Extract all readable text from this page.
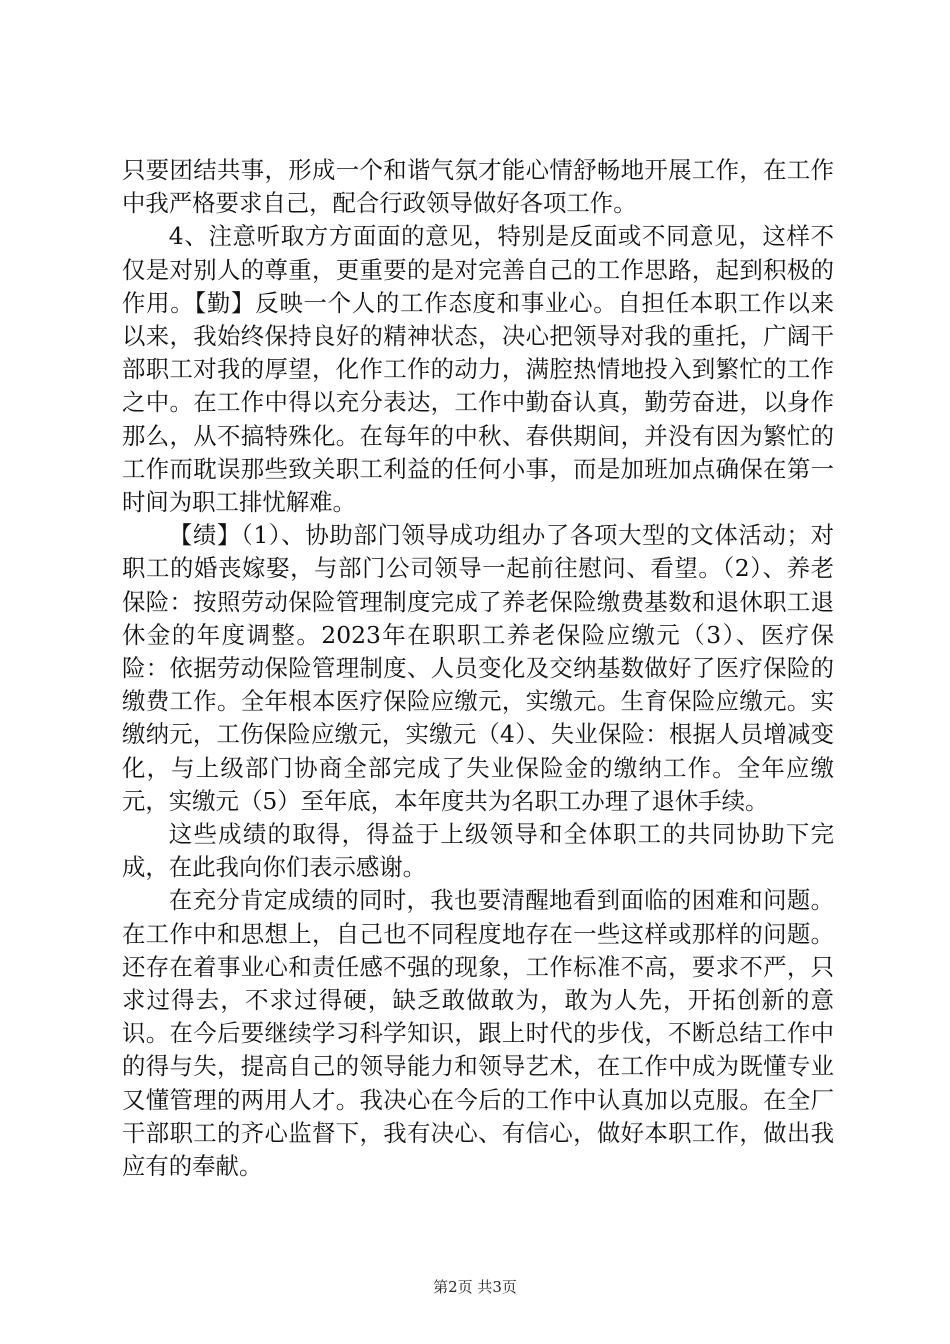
只要团结共事，形成一个和谐气氛才能心情舒畅地开展工作，在工作中我严格要求自己，配合行政领导做好各项工作。

4、注意听取方方面面的意见，特别是反面或不同意见，这样不仅是对别人的尊重，更重要的是对完善自己的工作思路，起到积极的作用。【勤】反映一个人的工作态度和事业心。自担任本职工作以来以来，我始终保持良好的精神状态，决心把领导对我的重托，广阔干部职工对我的厚望，化作工作的动力，满腔热情地投入到繁忙的工作之中。在工作中得以充分表达，工作中勤奋认真，勤劳奋进，以身作那么，从不搞特殊化。在每年的中秋、春供期间，并没有因为繁忙的工作而耽误那些致关职工利益的任何小事，而是加班加点确保在第一时间为职工排忧解难。

【绩】（1）、协助部门领导成功组办了各项大型的文体活动；对职工的婚丧嫁娶，与部门公司领导一起前往慰问、看望。（2）、养老保险：按照劳动保险管理制度完成了养老保险缴费基数和退休职工退休金的年度调整。2023年在职职工养老保险应缴元（3）、医疗保险：依据劳动保险管理制度、人员变化及交纳基数做好了医疗保险的缴费工作。全年根本医疗保险应缴元，实缴元。生育保险应缴元。实缴纳元，工伤保险应缴元，实缴元（4）、失业保险：根据人员增减变化，与上级部门协商全部完成了失业保险金的缴纳工作。全年应缴元，实缴元（5）至年底，本年度共为名职工办理了退休手续。

这些成绩的取得，得益于上级领导和全体职工的共同协助下完成，在此我向你们表示感谢。

在充分肯定成绩的同时，我也要清醒地看到面临的困难和问题。在工作中和思想上，自己也不同程度地存在一些这样或那样的问题。还存在着事业心和责任感不强的现象，工作标准不高，要求不严，只求过得去，不求过得硬，缺乏敢做敢为，敢为人先，开拓创新的意识。在今后要继续学习科学知识，跟上时代的步伐，不断总结工作中的得与失，提高自己的领导能力和领导艺术，在工作中成为既懂专业又懂管理的两用人才。我决心在今后的工作中认真加以克服。在全厂干部职工的齐心监督下，我有决心、有信心，做好本职工作，做出我应有的奉献。

第2页 共3页
